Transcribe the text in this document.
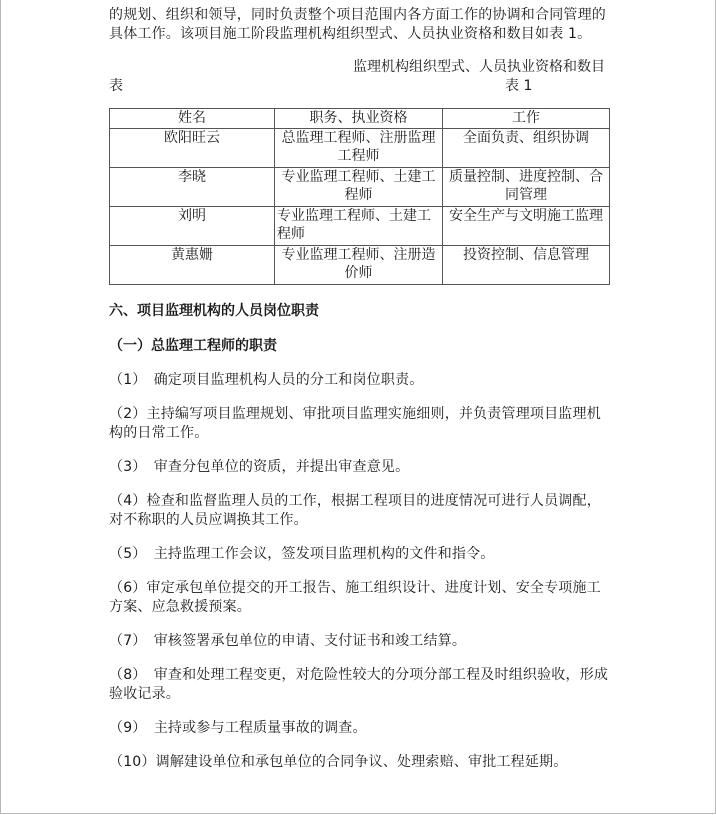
的规划、组织和领导，同时负责整个项目范围内各方面工作的协调和合同管理的具体工作。该项目施工阶段监理机构组织型式、人员执业资格和数目如表 1。

监理机构组织型式、人员执业资格和数目
表	表 1
姓名	职务、执业资格	工作
欧阳旺云	总监理工程师、注册监理工程师	全面负责、组织协调
李晓	专业监理工程师、土建工程师	质量控制、进度控制、合同管理
刘明	专业监理工程师、土建工程师	安全生产与文明施工监理
黄惠姗	专业监理工程师、注册造价师	投资控制、信息管理
六、项目监理机构的人员岗位职责
（一）总监理工程师的职责
（1）　确定项目监理机构人员的分工和岗位职责。
（2）主持编写项目监理规划、审批项目监理实施细则，并负责管理项目监理机构的日常工作。
（3）　审查分包单位的资质，并提出审查意见。
（4）检查和监督监理人员的工作，根据工程项目的进度情况可进行人员调配，对不称职的人员应调换其工作。
（5）　主持监理工作会议，签发项目监理机构的文件和指令。
（6）审定承包单位提交的开工报告、施工组织设计、进度计划、安全专项施工方案、应急救援预案。
（7）　审核签署承包单位的申请、支付证书和竣工结算。
（8）　审查和处理工程变更，对危险性较大的分项分部工程及时组织验收，形成验收记录。
（9）　主持或参与工程质量事故的调查。
（10）调解建设单位和承包单位的合同争议、处理索赔、审批工程延期。
